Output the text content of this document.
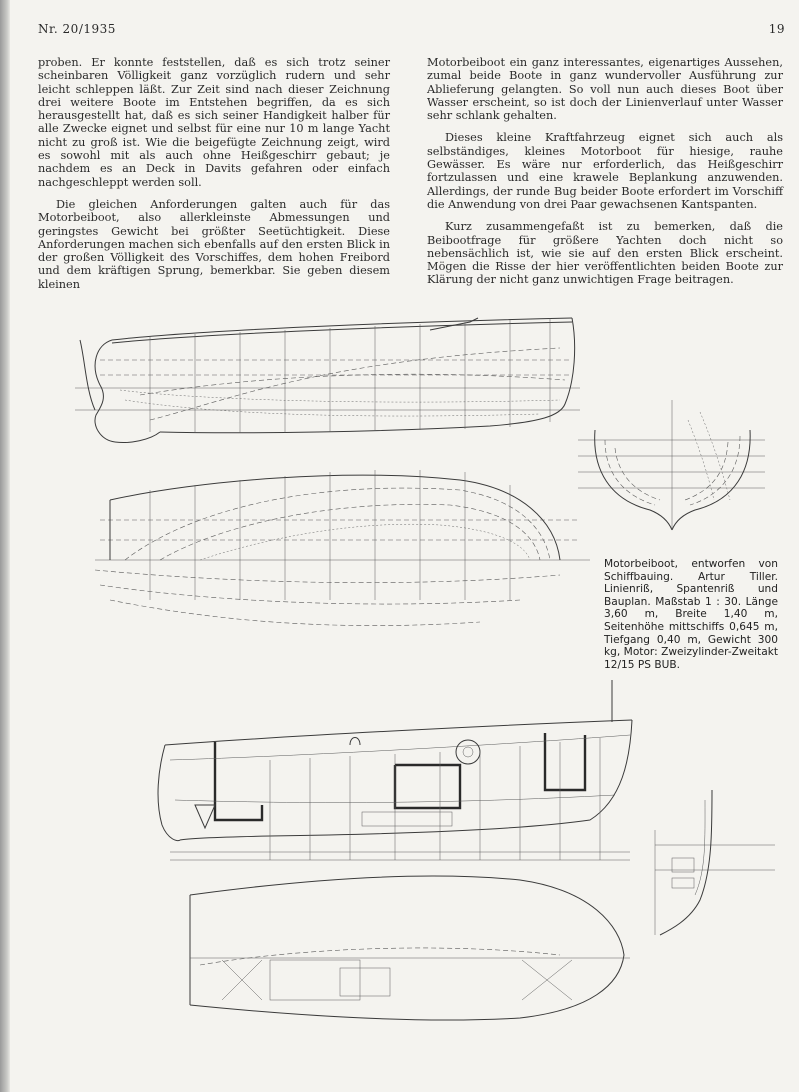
Nr. 20/1935	19

proben. Er konnte feststellen, daß es sich trotz seiner scheinbaren Völligkeit ganz vorzüglich rudern und sehr leicht schleppen läßt. Zur Zeit sind nach dieser Zeichnung drei weitere Boote im Entstehen begriffen, da es sich herausgestellt hat, daß es sich seiner Handigkeit halber für alle Zwecke eignet und selbst für eine nur 10 m lange Yacht nicht zu groß ist. Wie die beigefügte Zeichnung zeigt, wird es sowohl mit als auch ohne Heißgeschirr gebaut; je nachdem es an Deck in Davits gefahren oder einfach nachgeschleppt werden soll.

Die gleichen Anforderungen galten auch für das Motorbeiboot, also allerkleinste Abmessungen und geringstes Gewicht bei größter Seetüchtigkeit. Diese Anforderungen machen sich ebenfalls auf den ersten Blick in der großen Völligkeit des Vorschiffes, dem hohen Freibord und dem kräftigen Sprung, bemerkbar. Sie geben diesem kleinen

Motorbeiboot ein ganz interessantes, eigenartiges Aussehen, zumal beide Boote in ganz wundervoller Ausführung zur Ablieferung gelangten. So voll nun auch dieses Boot über Wasser erscheint, so ist doch der Linienverlauf unter Wasser sehr schlank gehalten.

Dieses kleine Kraftfahrzeug eignet sich auch als selbständiges, kleines Motorboot für hiesige, rauhe Gewässer. Es wäre nur erforderlich, das Heißgeschirr fortzulassen und eine krawele Beplankung anzuwenden. Allerdings, der runde Bug beider Boote erfordert im Vorschiff die Anwendung von drei Paar gewachsenen Kantspanten.

Kurz zusammengefaßt ist zu bemerken, daß die Beibootfrage für größere Yachten doch nicht so nebensächlich ist, wie sie auf den ersten Blick erscheint. Mögen die Risse der hier veröffentlichten beiden Boote zur Klärung der nicht ganz unwichtigen Frage beitragen.

Motorbeiboot, entworfen von Schiffbauing. Artur Tiller. Linienriß, Spantenriß und Bauplan. Maßstab 1 : 30. Länge 3,60 m, Breite 1,40 m, Seitenhöhe mittschiffs 0,645 m, Tiefgang 0,40 m, Gewicht 300 kg, Motor: Zweizylinder-Zweitakt 12/15 PS BUB.
